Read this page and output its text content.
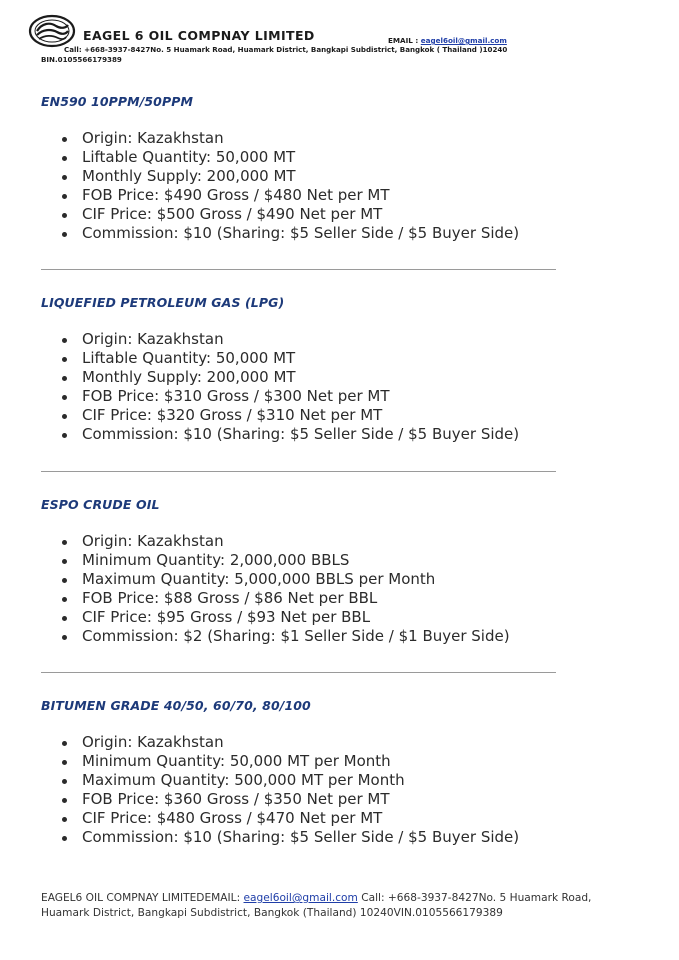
EAGEL 6 OIL COMPNAY LIMITED	EMAIL : eagel6oil@gmail.com
Call: +668-3937-8427No. 5 Huamark Road, Huamark District, Bangkapi Subdistrict, Bangkok ( Thailand )10240
BIN.0105566179389
EN590 10PPM/50PPM
Origin: Kazakhstan
Liftable Quantity: 50,000 MT
Monthly Supply: 200,000 MT
FOB Price: $490 Gross / $480 Net per MT
CIF Price: $500 Gross / $490 Net per MT
Commission: $10 (Sharing: $5 Seller Side / $5 Buyer Side)
LIQUEFIED PETROLEUM GAS (LPG)
Origin: Kazakhstan
Liftable Quantity: 50,000 MT
Monthly Supply: 200,000 MT
FOB Price: $310 Gross / $300 Net per MT
CIF Price: $320 Gross / $310 Net per MT
Commission: $10 (Sharing: $5 Seller Side / $5 Buyer Side)
ESPO CRUDE OIL
Origin: Kazakhstan
Minimum Quantity: 2,000,000 BBLS
Maximum Quantity: 5,000,000 BBLS per Month
FOB Price: $88 Gross / $86 Net per BBL
CIF Price: $95 Gross / $93 Net per BBL
Commission: $2 (Sharing: $1 Seller Side / $1 Buyer Side)
BITUMEN GRADE 40/50, 60/70, 80/100
Origin: Kazakhstan
Minimum Quantity: 50,000 MT per Month
Maximum Quantity: 500,000 MT per Month
FOB Price: $360 Gross / $350 Net per MT
CIF Price: $480 Gross / $470 Net per MT
Commission: $10 (Sharing: $5 Seller Side / $5 Buyer Side)
EAGEL6 OIL COMPNAY LIMITEDEMAIL: eagel6oil@gmail.com Call: +668-3937-8427No. 5 Huamark Road, Huamark District, Bangkapi Subdistrict, Bangkok (Thailand) 10240VIN.0105566179389
